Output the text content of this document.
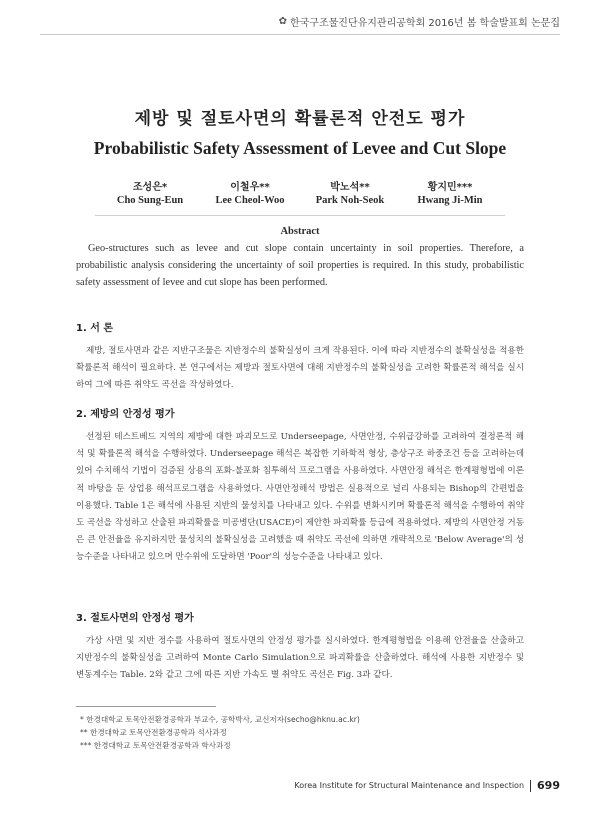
✿ 한국구조물진단유지관리공학회 2016년 봄 학술발표회 논문집
제방 및 절토사면의 확률론적 안전도 평가
Probabilistic Safety Assessment of Levee and Cut Slope
조성은*	이철우**	박노석**	황지민***
Cho Sung-Eun	Lee Cheol-Woo	Park Noh-Seok	Hwang Ji-Min
Abstract
Geo-structures such as levee and cut slope contain uncertainty in soil properties. Therefore, a probabilistic analysis considering the uncertainty of soil properties is required. In this study, probabilistic safety assessment of levee and cut slope has been performed.
1. 서 론

제방, 절토사면과 같은 지반구조물은 지반정수의 불확실성이 크게 작용된다. 이에 따라 지반정수의 불확실성을 적용한 확률론적 해석이 필요하다. 본 연구에서는 제방과 절토사면에 대해 지반정수의 불확실성을 고려한 확률론적 해석을 실시하여 그에 따른 취약도 곡선을 작성하였다.

2. 제방의 안정성 평가

선정된 테스트베드 지역의 제방에 대한 파괴모드로 Underseepage, 사면안정, 수위급강하를 고려하여 결정론적 해석 및 확률론적 해석을 수행하였다. Underseepage 해석은 복잡한 기하학적 형상, 층상구조 하중조건 등을 고려하는데 있어 수치해석 기법이 검증된 상용의 포화-불포화 침투해석 프로그램을 사용하였다. 사면안정 해석은 한계평형법에 이론적 바탕을 둔 상업용 해석프로그램을 사용하였다. 사면안정해석 방법은 실용적으로 널리 사용되는 Bishop의 간편법을 이용했다. Table 1은 해석에 사용된 지반의 물성치를 나타내고 있다. 수위를 변화시키며 확률론적 해석을 수행하여 취약도 곡선을 작성하고 산출된 파괴확률을 미공병단(USACE)이 제안한 파괴확률 등급에 적용하였다. 제방의 사면안정 거동은 큰 안전율을 유지하지만 물성치의 불확실성을 고려했을 때 취약도 곡선에 의하면 개략적으로 'Below Average'의 성능수준을 나타내고 있으며 만수위에 도달하면 'Poor'의 성능수준을 나타내고 있다.

3. 절토사면의 안정성 평가

가상 사면 및 지반 정수를 사용하여 절토사면의 안정성 평가를 실시하였다. 한계평형법을 이용해 안전율을 산출하고 지반정수의 불확실성을 고려하여 Monte Carlo Simulation으로 파괴확률을 산출하였다. 해석에 사용한 지반정수 및 변동계수는 Table. 2와 같고 그에 따른 지반 가속도 별 취약도 곡선은 Fig. 3과 같다.

* 한경대학교 토목안전환경공학과 부교수, 공학박사, 교신저자(secho@hknu.ac.kr)
** 한경대학교 토목안전환경공학과 석사과정
*** 한경대학교 토목안전환경공학과 학사과정
Korea Institute for Structural Maintenance and Inspection 699
